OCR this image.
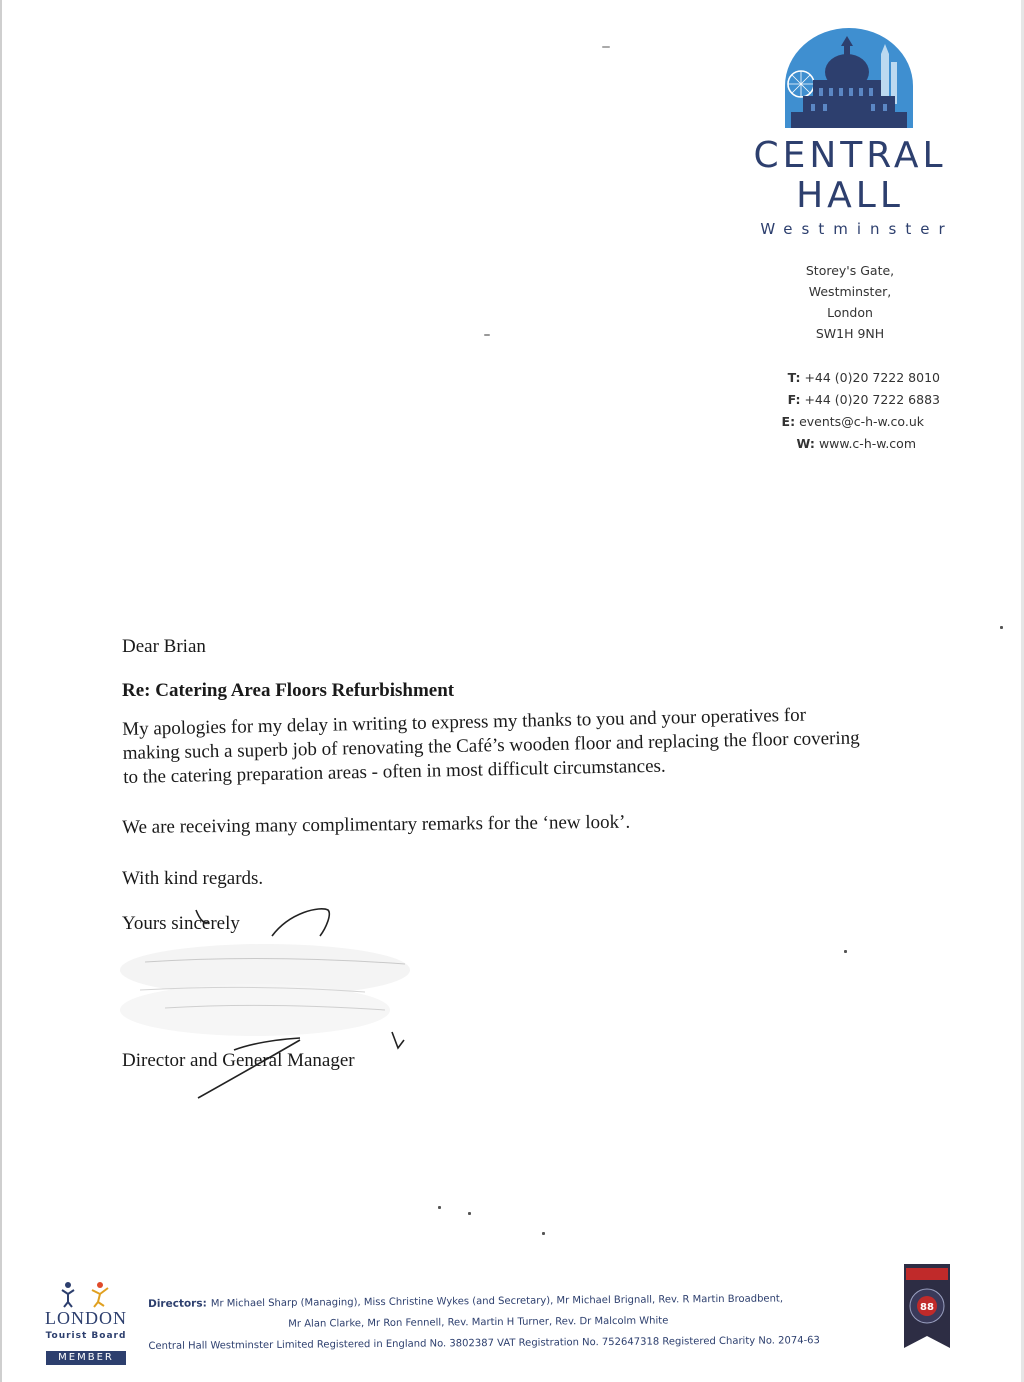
CENTRAL
HALL
Westminster
Storey's Gate,
Westminster,
London
SW1H 9NH
T: +44 (0)20 7222 8010
F: +44 (0)20 7222 6883
E: events@c-h-w.co.uk
W: www.c-h-w.com
Dear Brian
Re: Catering Area Floors Refurbishment
My apologies for my delay in writing to express my thanks to you and your operatives for making such a superb job of renovating the Café’s wooden floor and replacing the floor covering to the catering preparation areas - often in most difficult circumstances.
We are receiving many complimentary remarks for the ‘new look’.
With kind regards.
Yours sincerely
Director and General Manager
LONDON
Tourist Board
MEMBER
Directors: Mr Michael Sharp (Managing), Miss Christine Wykes (and Secretary), Mr Michael Brignall, Rev. R Martin Broadbent,
Mr Alan Clarke, Mr Ron Fennell, Rev. Martin H Turner, Rev. Dr Malcolm White
Central Hall Westminster Limited Registered in England No. 3802387 VAT Registration No. 752647318 Registered Charity No. 2074-63
88
